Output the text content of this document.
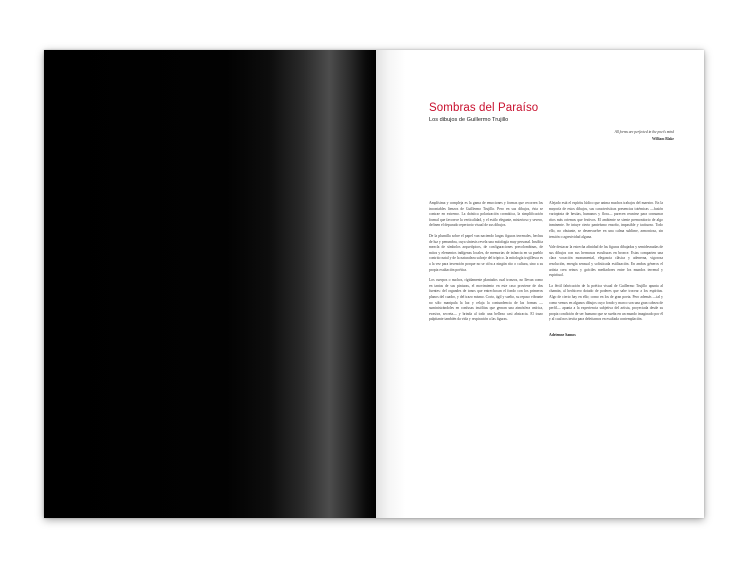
Sombras del Paraíso
Los dibujos de Guillermo Trujillo
All forms are perfected in the poet's mind
William Blake

Amplísima y compleja es la gama de emociones y formas que recorren los incontables lienzos de Guillermo Trujillo. Pero en sus dibujos, ésta se contrae en extremo. La drástica polarización cromática, la simplificación formal que favorece la verticalidad, y el estilo elegante, misterioso y severo, definen el depurado repertorio visual de sus dibujos.

De la plumilla sobre el papel van naciendo largas figuras terrenales, hechas de luz y penumbra, cuya síntesis revela una mitología muy personal. Insólita mezcla de símbolos arquetípicos, de configuraciones precolombinas, de mitos y elementos indígenas locales, de memorias de infancia en su pueblo contrito natal y de la naturaleza salvaje del trópico. la mitología trujillesca es a la vez para invención porque no se cifra a ningún rito o cultura, sino a su propia exaltación poética.

Los cuerpos o nuchos, rígidamente plantados cual tronzos, no llevan como en tantas de sus pinturas, el movimiento en este caso proviene de dos fuentes: del organdes de tonos que entrechocan el fondo con los primeros planos del cuadro, y del trazo mismo. Corto, ágil y suelto, su repaso vibrante no sólo manipula la luz y relaja la contundencia de las formas —suministrándoles en confusas insólitas que genran una atmósfera onírica, evasiva, secreta— y brinda al todo una belleza casi abstracta. El trazo palpitante también da vida y respiración a las figuras.

Alejado está el espíritu lúdico que anima muchos trabajos del maestro. En la mayoría de estos dibujos, sus características presencias totémicas —fusión variopinta de bestias, humanos y flora— parecen reunirse para consumar ritos más oriemos que festivos. El ambiente se siente premonitorio de algo inminente. Se intuye cierto panteísmo ensoño, impasible y taciturno. Todo ello, no obstante, se desenvuelve en una calma sublime, armoniosa, sin tensión o agresividad alguna.

Vale destacar la estrecha afinidad de las figuras dibujadas y semidesnudas de sus dibujos con sus hermosas esculturas en bronce. Estas comparten una clara vocación monumental, elegancia clásica y adenerna, vigorosa resolución, energía sensual y sofisticada estilización. En ambos géneros el artista crea reinos y gráciles mediadores entre los mundos terrenal y espiritual.

La fértil fabricación de la poética visual de Guillermo Trujillo apunta al chamán, al hechicero dotado de poderes que sabe trocear a los espíritus. Algo de cierto hay en ello; como en los de gran poeta. Pero además —tal y como vemos en algunos dibujos cuyo fondo y marco son una gran cabeza de perfil— apunta a la experiencia subjetiva del artista, proyectada desde su propia condición de ser humano que se sueña en un mundo imaginado por él y al cual nos invita para deleitarnos en exaltada contemplación.

Adrienne Samos
